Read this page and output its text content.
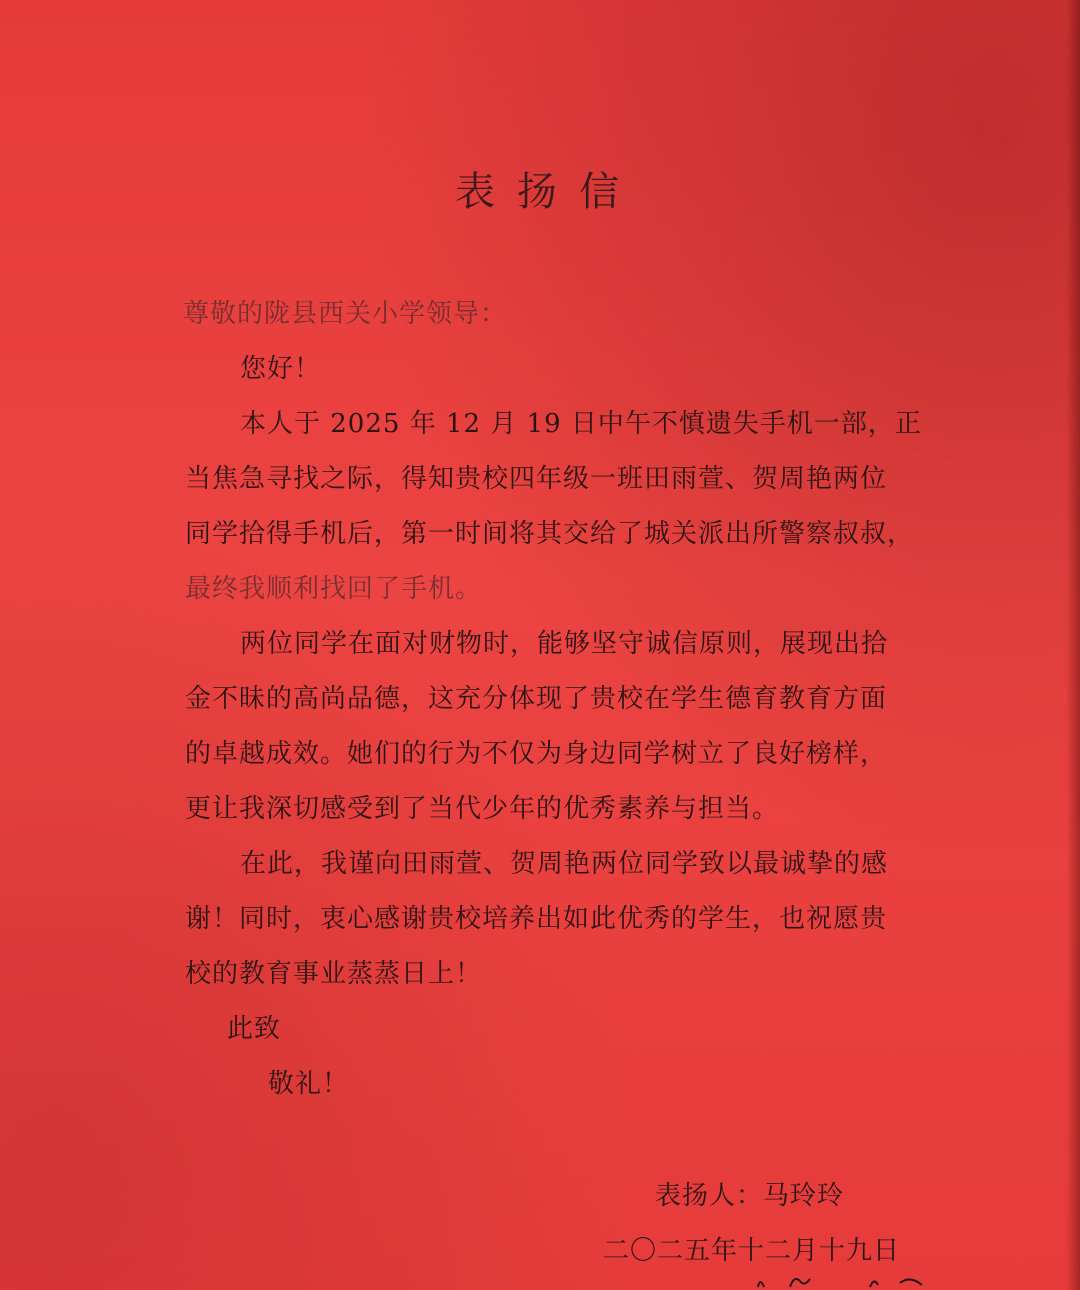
表扬信

尊敬的陇县西关小学领导：

您好！

本人于 2025 年 12 月 19 日中午不慎遗失手机一部，正

当焦急寻找之际，得知贵校四年级一班田雨萱、贺周艳两位

同学拾得手机后，第一时间将其交给了城关派出所警察叔叔，

最终我顺利找回了手机。

两位同学在面对财物时，能够坚守诚信原则，展现出拾

金不昧的高尚品德，这充分体现了贵校在学生德育教育方面

的卓越成效。她们的行为不仅为身边同学树立了良好榜样，

更让我深切感受到了当代少年的优秀素养与担当。

在此，我谨向田雨萱、贺周艳两位同学致以最诚挚的感

谢！同时，衷心感谢贵校培养出如此优秀的学生，也祝愿贵

校的教育事业蒸蒸日上！

此致

敬礼！

表扬人：马玲玲

二〇二五年十二月十九日
